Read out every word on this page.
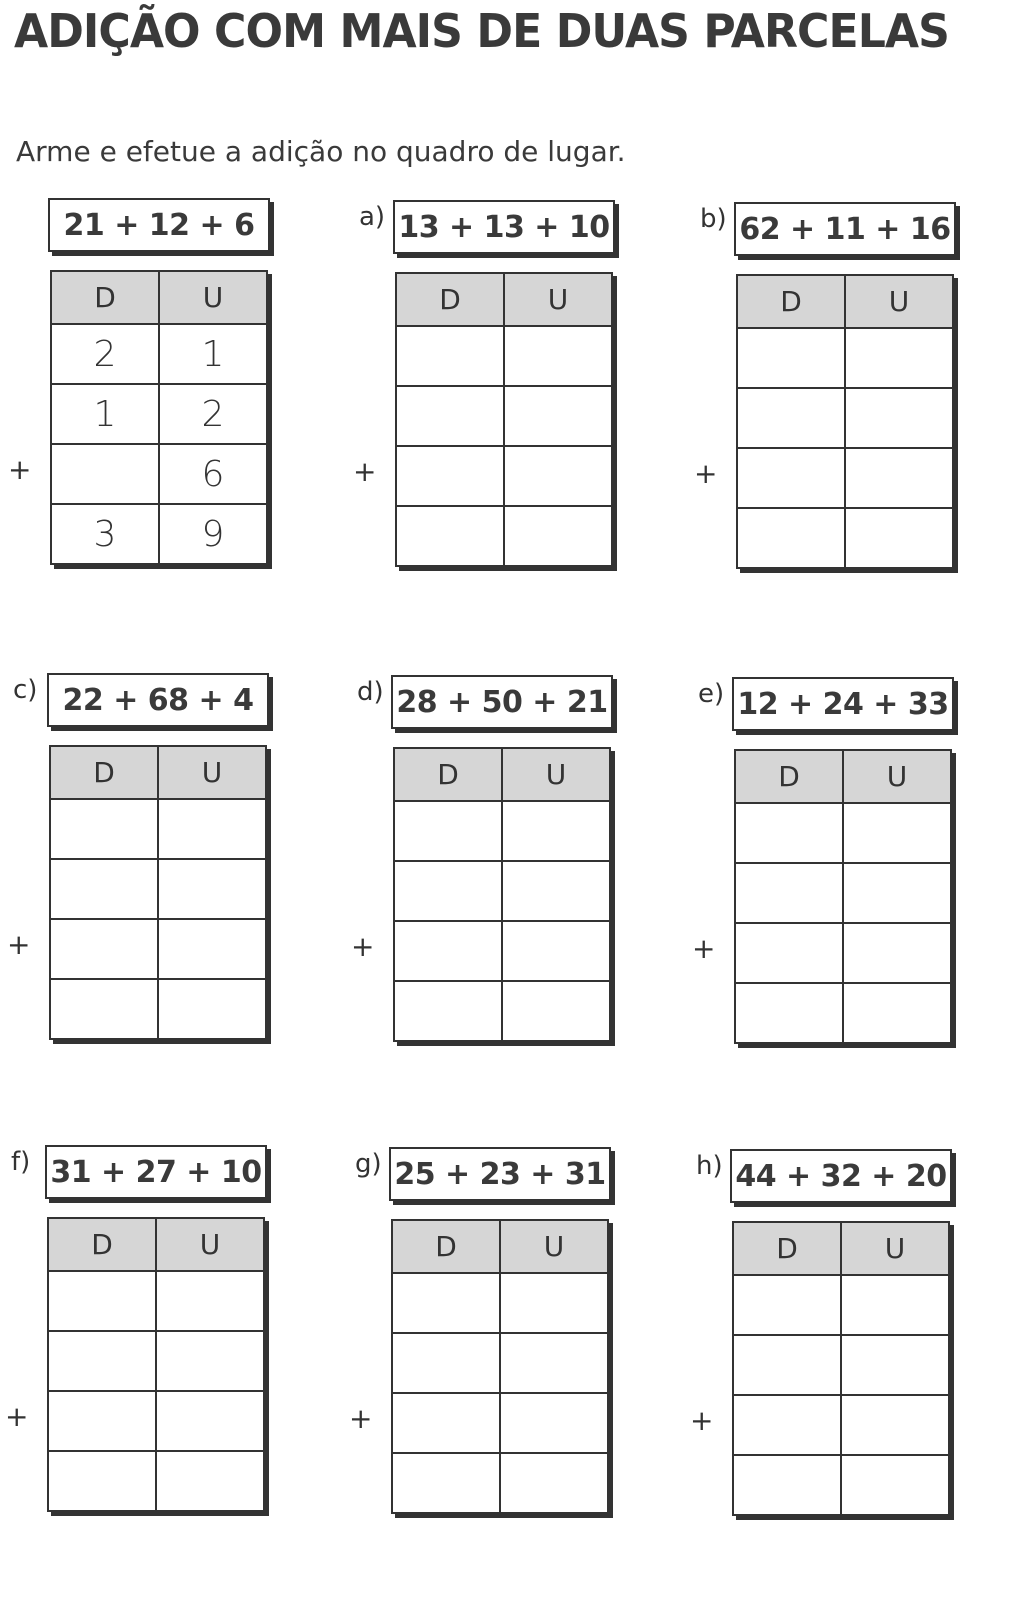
ADIÇÃO COM MAIS DE DUAS PARCELAS

Arme e efetue a adição no quadro de lugar.

21 + 12 + 6
D	U
2	1
1	2
	6
3	9
+
a) 13 + 13 + 10
D	U

+
b) 62 + 11 + 16
D	U

+
c) 22 + 68 + 4
D	U

+
d) 28 + 50 + 21
D	U

+
e) 12 + 24 + 33
D	U

+
f) 31 + 27 + 10
D	U

+
g) 25 + 23 + 31
D	U

+
h) 44 + 32 + 20
D	U

+
